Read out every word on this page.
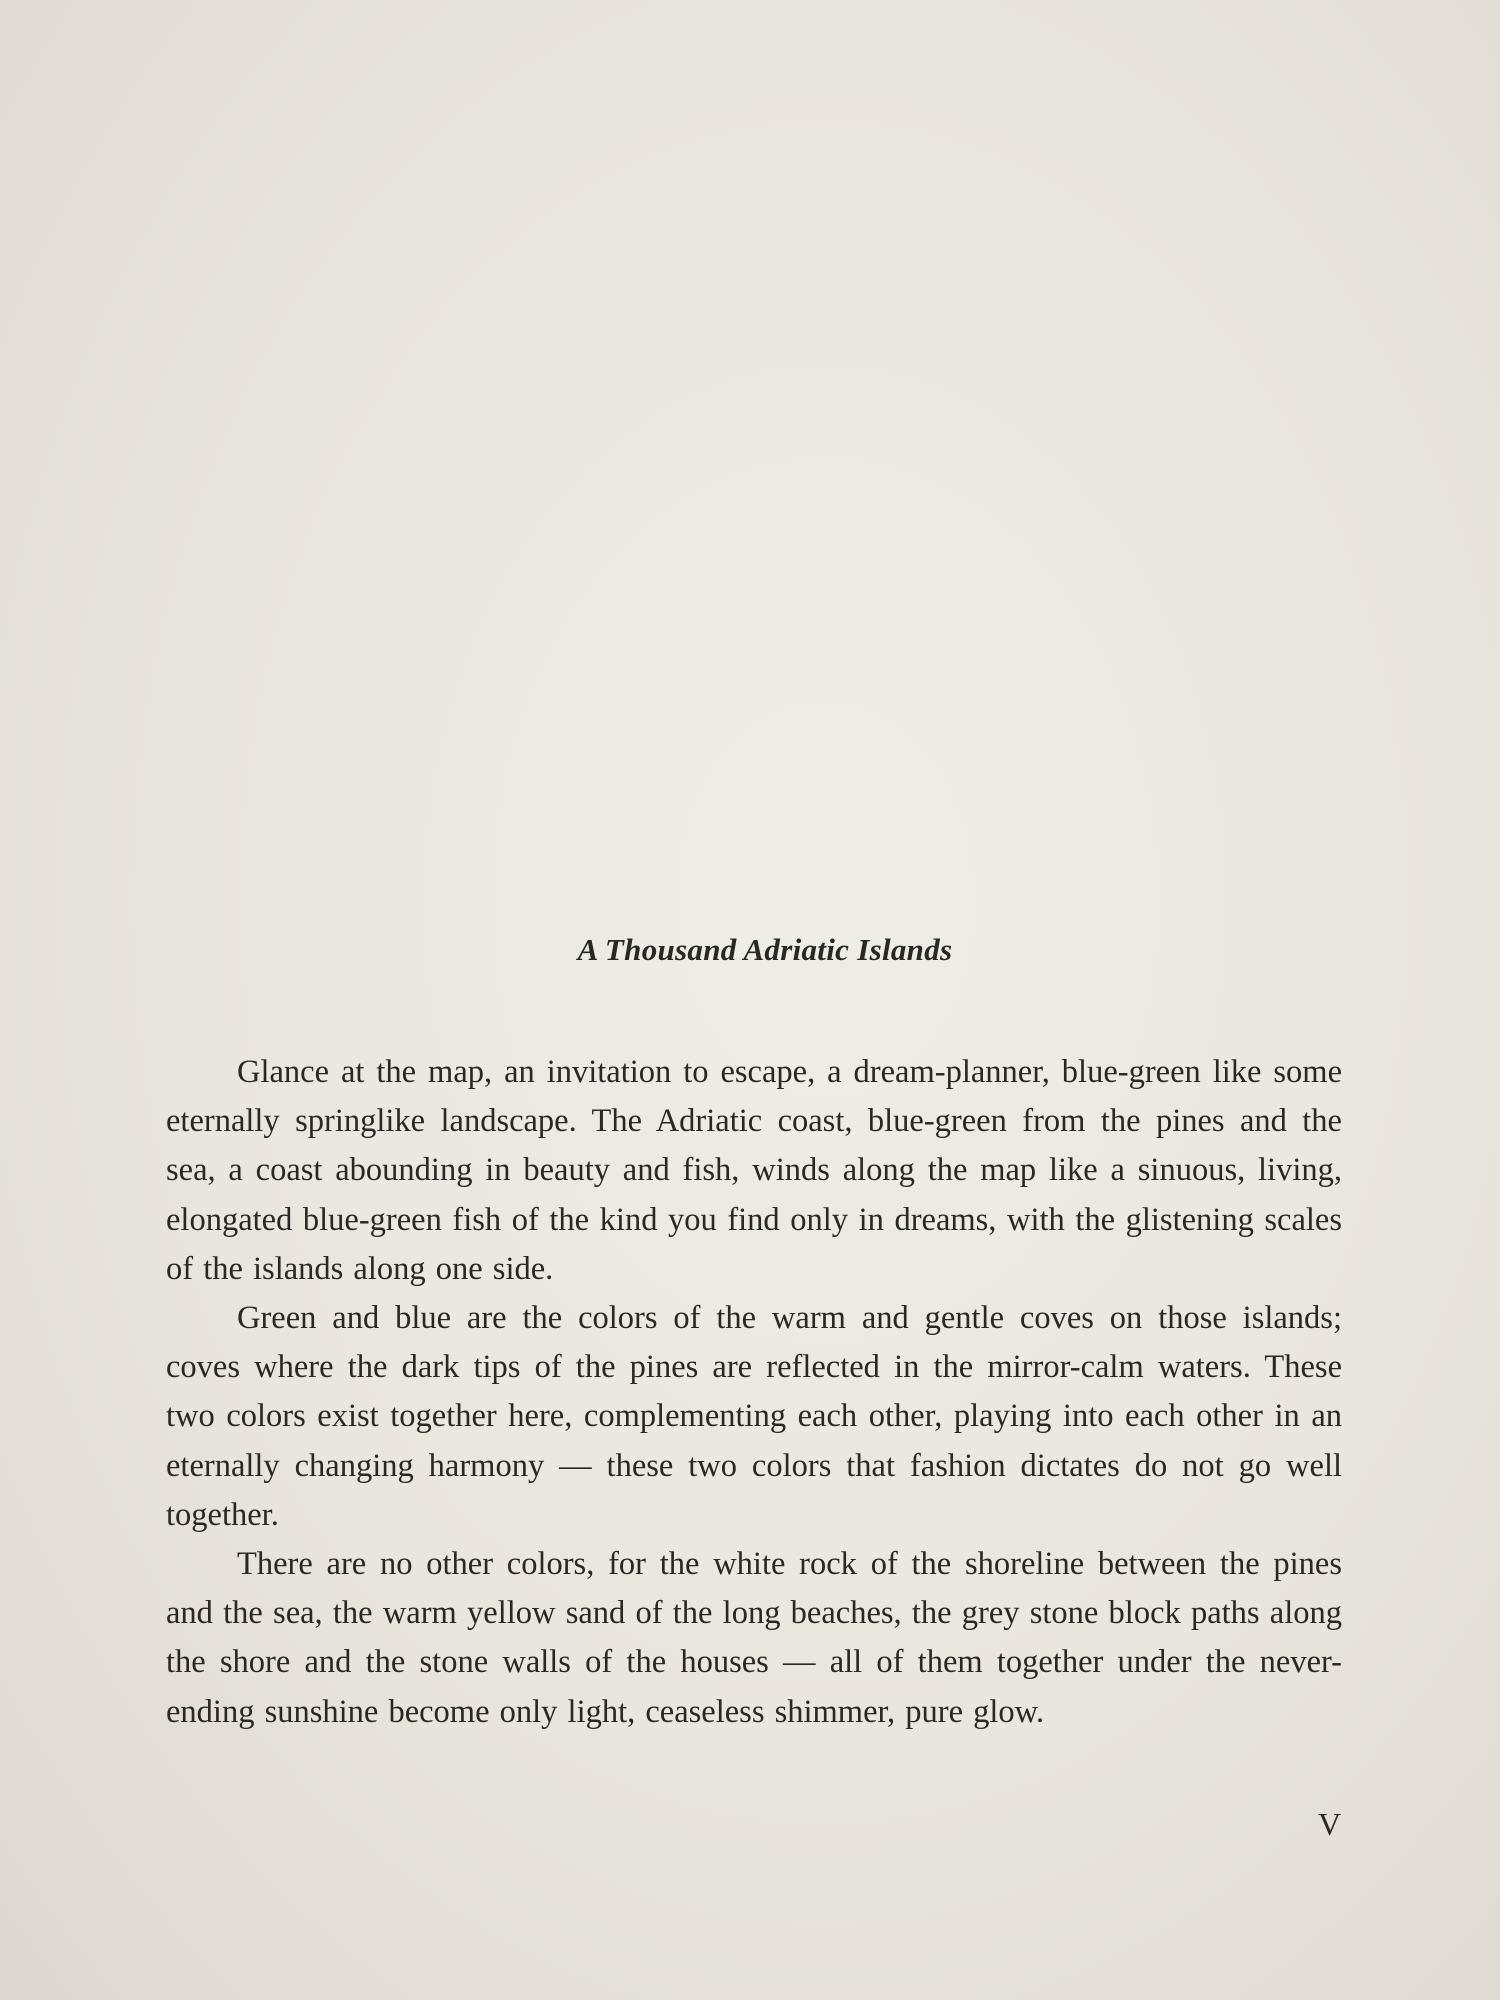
A Thousand Adriatic Islands

Glance at the map, an invitation to escape, a dream-planner, blue-green like some eternally springlike landscape. The Adriatic coast, blue-green from the pines and the sea, a coast abounding in beauty and fish, winds along the map like a sinuous, living, elongated blue-green fish of the kind you find only in dreams, with the glistening scales of the islands along one side.

Green and blue are the colors of the warm and gentle coves on those islands; coves where the dark tips of the pines are reflected in the mirror-calm waters. These two colors exist together here, complementing each other, playing into each other in an eternally changing harmony — these two colors that fashion dictates do not go well together.

There are no other colors, for the white rock of the shoreline between the pines and the sea, the warm yellow sand of the long beaches, the grey stone block paths along the shore and the stone walls of the houses — all of them together under the never-ending sunshine become only light, ceaseless shimmer, pure glow.

V
